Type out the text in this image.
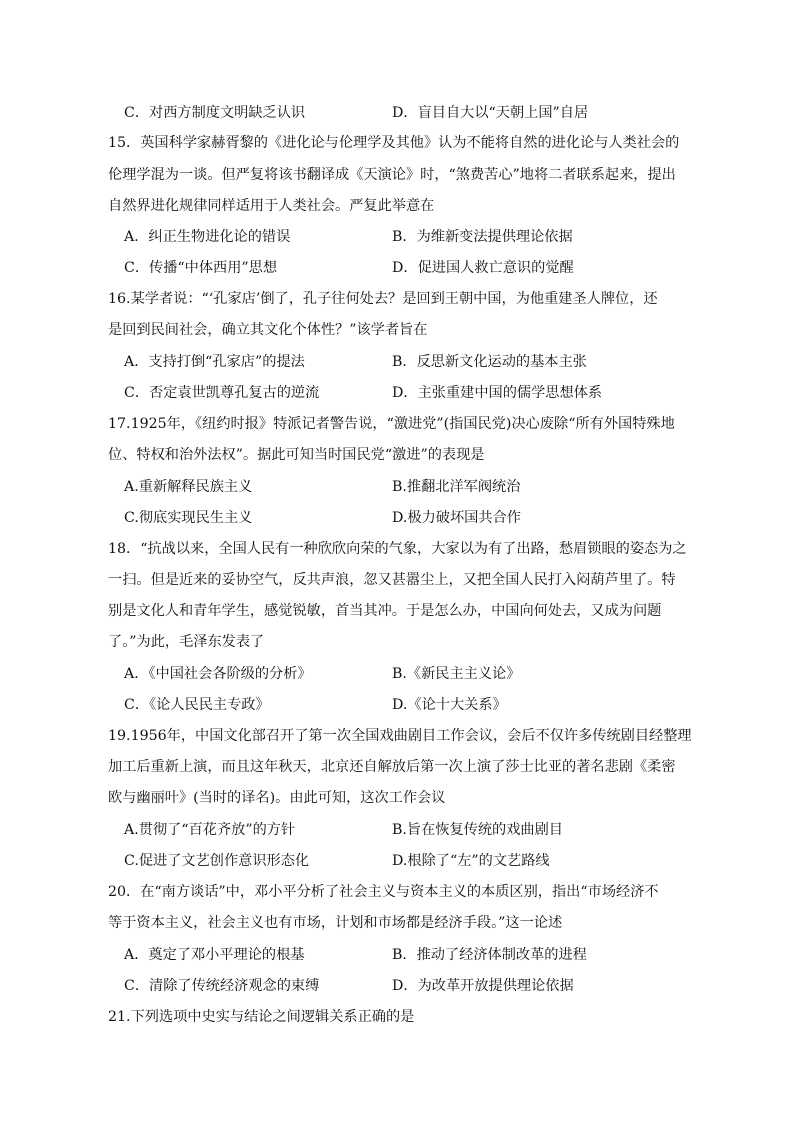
C．对西方制度文明缺乏认识	D．盲目自大以“天朝上国”自居
15．英国科学家赫胥黎的《进化论与伦理学及其他》认为不能将自然的进化论与人类社会的
伦理学混为一谈。但严复将该书翻译成《天演论》时，“煞费苦心”地将二者联系起来，提出
自然界进化规律同样适用于人类社会。严复此举意在
A．纠正生物进化论的错误	B．为维新变法提供理论依据
C．传播“中体西用”思想	D．促进国人救亡意识的觉醒
16.某学者说：“‘孔家店’倒了，孔子往何处去？是回到王朝中国，为他重建圣人牌位，还
是回到民间社会，确立其文化个体性？”该学者旨在
A．支持打倒“孔家店”的提法	B．反思新文化运动的基本主张
C．否定袁世凯尊孔复古的逆流	D．主张重建中国的儒学思想体系
17.1925年，《纽约时报》特派记者警告说，“激进党”(指国民党)决心废除“所有外国特殊地
位、特权和治外法权”。据此可知当时国民党“激进”的表现是
A.重新解释民族主义	B.推翻北洋军阀统治
C.彻底实现民生主义	D.极力破坏国共合作
18．“抗战以来，全国人民有一种欣欣向荣的气象，大家以为有了出路，愁眉锁眼的姿态为之
一扫。但是近来的妥协空气，反共声浪，忽又甚嚣尘上，又把全国人民打入闷葫芦里了。特
别是文化人和青年学生，感觉锐敏，首当其冲。于是怎么办，中国向何处去，又成为问题
了。”为此，毛泽东发表了
A．《中国社会各阶级的分析》	B.《新民主主义论》
C．《论人民民主专政》	D.《论十大关系》
19.1956年，中国文化部召开了第一次全国戏曲剧目工作会议，会后不仅许多传统剧目经整理
加工后重新上演，而且这年秋天，北京还自解放后第一次上演了莎士比亚的著名悲剧《柔密
欧与幽丽叶》(当时的译名)。由此可知，这次工作会议
A.贯彻了“百花齐放”的方针	B.旨在恢复传统的戏曲剧目
C.促进了文艺创作意识形态化	D.根除了“左”的文艺路线
20．在“南方谈话”中，邓小平分析了社会主义与资本主义的本质区别，指出“市场经济不
等于资本主义，社会主义也有市场，计划和市场都是经济手段。”这一论述
A．奠定了邓小平理论的根基	B．推动了经济体制改革的进程
C．清除了传统经济观念的束缚	D．为改革开放提供理论依据
21.下列选项中史实与结论之间逻辑关系正确的是
